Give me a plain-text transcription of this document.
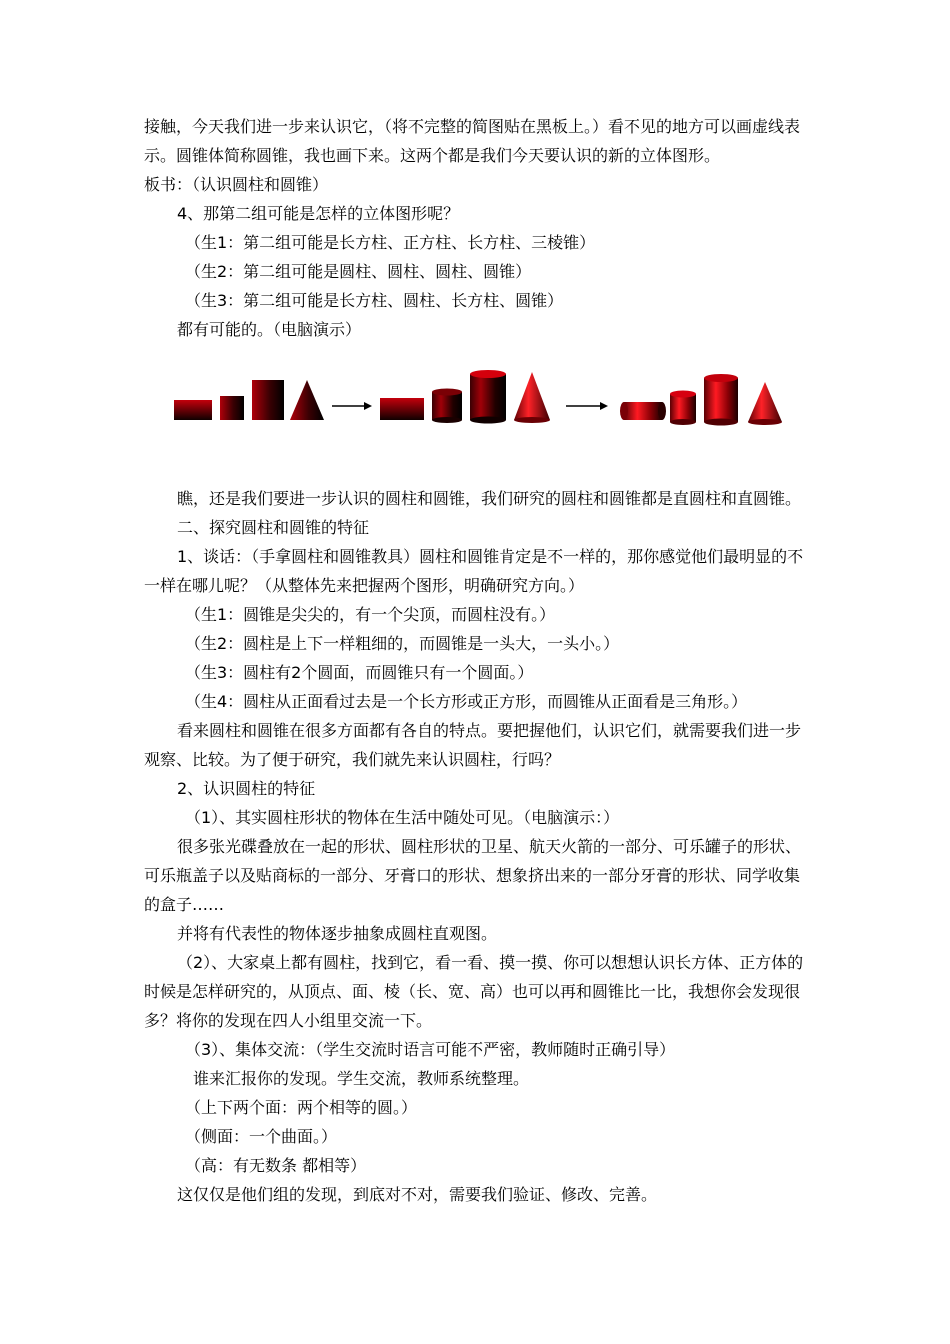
接触，今天我们进一步来认识它，（将不完整的简图贴在黑板上。）看不见的地方可以画虚线表示。圆锥体简称圆锥，我也画下来。这两个都是我们今天要认识的新的立体图形。

板书：（认识圆柱和圆锥）

4、那第二组可能是怎样的立体图形呢？

（生1：第二组可能是长方柱、正方柱、长方柱、三棱锥）

（生2：第二组可能是圆柱、圆柱、圆柱、圆锥）

（生3：第二组可能是长方柱、圆柱、长方柱、圆锥）

都有可能的。（电脑演示）

瞧，还是我们要进一步认识的圆柱和圆锥，我们研究的圆柱和圆锥都是直圆柱和直圆锥。

二、探究圆柱和圆锥的特征

1、谈话：（手拿圆柱和圆锥教具）圆柱和圆锥肯定是不一样的，那你感觉他们最明显的不一样在哪儿呢？（从整体先来把握两个图形，明确研究方向。）

（生1：圆锥是尖尖的，有一个尖顶，而圆柱没有。）

（生2：圆柱是上下一样粗细的，而圆锥是一头大，一头小。）

（生3：圆柱有2个圆面，而圆锥只有一个圆面。）

（生4：圆柱从正面看过去是一个长方形或正方形，而圆锥从正面看是三角形。）

看来圆柱和圆锥在很多方面都有各自的特点。要把握他们，认识它们，就需要我们进一步观察、比较。为了便于研究，我们就先来认识圆柱，行吗？

2、认识圆柱的特征

（1）、其实圆柱形状的物体在生活中随处可见。（电脑演示：）

很多张光碟叠放在一起的形状、圆柱形状的卫星、航天火箭的一部分、可乐罐子的形状、可乐瓶盖子以及贴商标的一部分、牙膏口的形状、想象挤出来的一部分牙膏的形状、同学收集的盒子……

并将有代表性的物体逐步抽象成圆柱直观图。

（2）、大家桌上都有圆柱，找到它，看一看、摸一摸、你可以想想认识长方体、正方体的时候是怎样研究的，从顶点、面、棱（长、宽、高）也可以再和圆锥比一比，我想你会发现很多？将你的发现在四人小组里交流一下。

（3）、集体交流：（学生交流时语言可能不严密，教师随时正确引导）

谁来汇报你的发现。学生交流，教师系统整理。

（上下两个面：两个相等的圆。）

（侧面：一个曲面。）

（高：有无数条 都相等）

这仅仅是他们组的发现，到底对不对，需要我们验证、修改、完善。
